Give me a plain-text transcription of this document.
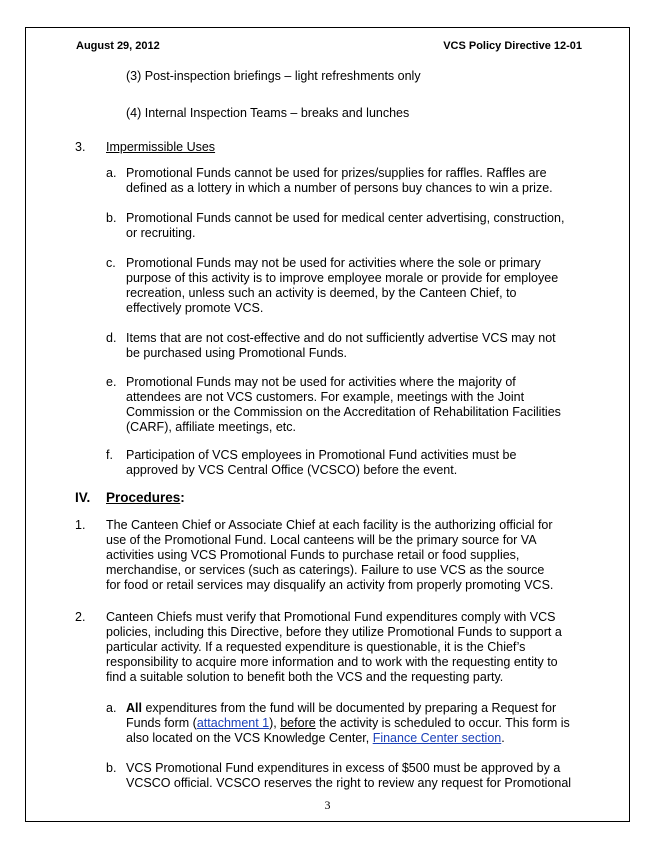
August 29, 2012	VCS Policy Directive 12-01
(3) Post-inspection briefings – light refreshments only
(4) Internal Inspection Teams – breaks and lunches
3. Impermissible Uses
a. Promotional Funds cannot be used for prizes/supplies for raffles. Raffles are
defined as a lottery in which a number of persons buy chances to win a prize.
b. Promotional Funds cannot be used for medical center advertising, construction,
or recruiting.
c. Promotional Funds may not be used for activities where the sole or primary
purpose of this activity is to improve employee morale or provide for employee
recreation, unless such an activity is deemed, by the Canteen Chief, to
effectively promote VCS.
d. Items that are not cost-effective and do not sufficiently advertise VCS may not
be purchased using Promotional Funds.
e. Promotional Funds may not be used for activities where the majority of
attendees are not VCS customers. For example, meetings with the Joint
Commission or the Commission on the Accreditation of Rehabilitation Facilities
(CARF), affiliate meetings, etc.
f. Participation of VCS employees in Promotional Fund activities must be
approved by VCS Central Office (VCSCO) before the event.
IV. Procedures:
1. The Canteen Chief or Associate Chief at each facility is the authorizing official for
use of the Promotional Fund. Local canteens will be the primary source for VA
activities using VCS Promotional Funds to purchase retail or food supplies,
merchandise, or services (such as caterings). Failure to use VCS as the source
for food or retail services may disqualify an activity from properly promoting VCS.
2. Canteen Chiefs must verify that Promotional Fund expenditures comply with VCS
policies, including this Directive, before they utilize Promotional Funds to support a
particular activity. If a requested expenditure is questionable, it is the Chief’s
responsibility to acquire more information and to work with the requesting entity to
find a suitable solution to benefit both the VCS and the requesting party.
a. All expenditures from the fund will be documented by preparing a Request for
Funds form (attachment 1), before the activity is scheduled to occur. This form is
also located on the VCS Knowledge Center, Finance Center section.
b. VCS Promotional Fund expenditures in excess of $500 must be approved by a
VCSCO official. VCSCO reserves the right to review any request for Promotional
3
